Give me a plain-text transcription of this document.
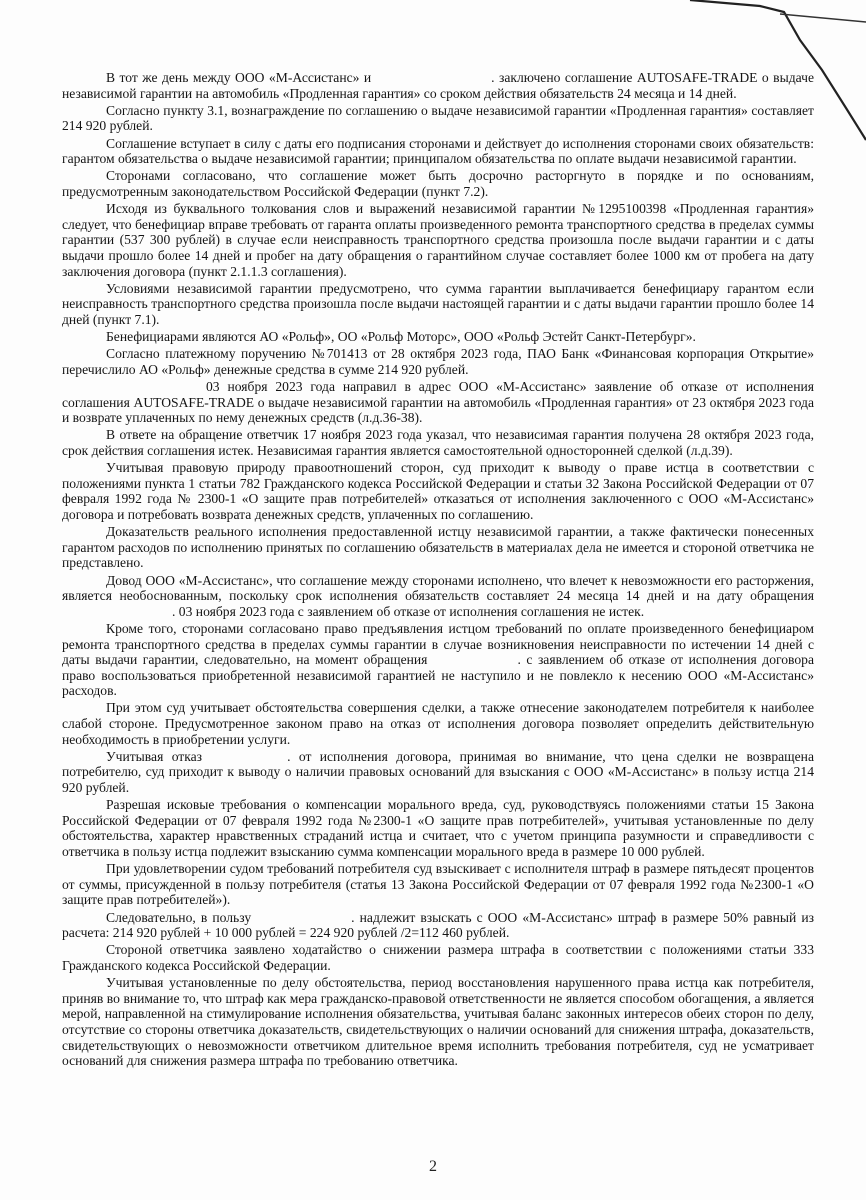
В тот же день между ООО «М-Ассистанс» и	. заключено соглашение AUTOSAFE-TRADE о выдаче независимой гарантии на автомобиль «Продленная гарантия» со сроком действия обязательств 24 месяца и 14 дней.

Согласно пункту 3.1, вознаграждение по соглашению о выдаче независимой гарантии «Продленная гарантия» составляет 214 920 рублей.

Соглашение вступает в силу с даты его подписания сторонами и действует до исполнения сторонами своих обязательств: гарантом обязательства о выдаче независимой гарантии; принципалом обязательства по оплате выдачи независимой гарантии.

Сторонами согласовано, что соглашение может быть досрочно расторгнуто в порядке и по основаниям, предусмотренным законодательством Российской Федерации (пункт 7.2).

Исходя из буквального толкования слов и выражений независимой гарантии №1295100398 «Продленная гарантия» следует, что бенефициар вправе требовать от гаранта оплаты произведенного ремонта транспортного средства в пределах суммы гарантии (537 300 рублей) в случае если неисправность транспортного средства произошла после выдачи гарантии и с даты выдачи прошло более 14 дней и пробег на дату обращения о гарантийном случае составляет более 1000 км от пробега на дату заключения договора (пункт 2.1.1.3 соглашения).

Условиями независимой гарантии предусмотрено, что сумма гарантии выплачивается бенефициару гарантом если неисправность транспортного средства произошла после выдачи настоящей гарантии и с даты выдачи гарантии прошло более 14 дней (пункт 7.1).

Бенефициарами являются АО «Рольф», ОО «Рольф Моторс», ООО «Рольф Эстейт Санкт-Петербург».

Согласно платежному поручению №701413 от 28 октября 2023 года, ПАО Банк «Финансовая корпорация Открытие» перечислило АО «Рольф» денежные средства в сумме 214 920 рублей.

03 ноября 2023 года направил в адрес ООО «М-Ассистанс» заявление об отказе от исполнения соглашения AUTOSAFE-TRADE о выдаче независимой гарантии на автомобиль «Продленная гарантия» от 23 октября 2023 года и возврате уплаченных по нему денежных средств (л.д.36-38).

В ответе на обращение ответчик 17 ноября 2023 года указал, что независимая гарантия получена 28 октября 2023 года, срок действия соглашения истек. Независимая гарантия является самостоятельной односторонней сделкой (л.д.39).

Учитывая правовую природу правоотношений сторон, суд приходит к выводу о праве истца в соответствии с положениями пункта 1 статьи 782 Гражданского кодекса Российской Федерации и статьи 32 Закона Российской Федерации от 07 февраля 1992 года № 2300-1 «О защите прав потребителей» отказаться от исполнения заключенного с ООО «М-Ассистанс» договора и потребовать возврата денежных средств, уплаченных по соглашению.

Доказательств реального исполнения предоставленной истцу независимой гарантии, а также фактически понесенных гарантом расходов по исполнению принятых по соглашению обязательств в материалах дела не имеется и стороной ответчика не представлено.

Довод ООО «М-Ассистанс», что соглашение между сторонами исполнено, что влечет к невозможности его расторжения, является необоснованным, поскольку срок исполнения обязательств составляет 24 месяца 14 дней и на дату обращения. 03 ноября 2023 года с заявлением об отказе от исполнения соглашения не истек.

Кроме того, сторонами согласовано право предъявления истцом требований по оплате произведенного бенефициаром ремонта транспортного средства в пределах суммы гарантии в случае возникновения неисправности по истечении 14 дней с даты выдачи гарантии, следовательно, на момент обращения	. с заявлением об отказе от исполнения договора право воспользоваться приобретенной независимой гарантией не наступило и не повлекло к несению ООО «М-Ассистанс» расходов.

При этом суд учитывает обстоятельства совершения сделки, а также отнесение законодателем потребителя к наиболее слабой стороне. Предусмотренное законом право на отказ от исполнения договора позволяет определить действительную необходимость в приобретении услуги.

Учитывая отказ	. от исполнения договора, принимая во внимание, что цена сделки не возвращена потребителю, суд приходит к выводу о наличии правовых оснований для взыскания с ООО «М-Ассистанс» в пользу истца 214 920 рублей.

Разрешая исковые требования о компенсации морального вреда, суд, руководствуясь положениями статьи 15 Закона Российской Федерации от 07 февраля 1992 года №2300-1 «О защите прав потребителей», учитывая установленные по делу обстоятельства, характер нравственных страданий истца и считает, что с учетом принципа разумности и справедливости с ответчика в пользу истца подлежит взысканию сумма компенсации морального вреда в размере 10 000 рублей.

При удовлетворении судом требований потребителя суд взыскивает с исполнителя штраф в размере пятьдесят процентов от суммы, присужденной в пользу потребителя (статья 13 Закона Российской Федерации от 07 февраля 1992 года №2300-1 «О защите прав потребителей»).

Следовательно, в пользу	. надлежит взыскать с ООО «М-Ассистанс» штраф в размере 50% равный из расчета: 214 920 рублей + 10 000 рублей = 224 920 рублей /2=112 460 рублей.

Стороной ответчика заявлено ходатайство о снижении размера штрафа в соответствии с положениями статьи 333 Гражданского кодекса Российской Федерации.

Учитывая установленные по делу обстоятельства, период восстановления нарушенного права истца как потребителя, приняв во внимание то, что штраф как мера гражданско-правовой ответственности не является способом обогащения, а является мерой, направленной на стимулирование исполнения обязательства, учитывая баланс законных интересов обеих сторон по делу, отсутствие со стороны ответчика доказательств, свидетельствующих о наличии оснований для снижения штрафа, доказательств, свидетельствующих о невозможности ответчиком длительное время исполнить требования потребителя, суд не усматривает оснований для снижения размера штрафа по требованию ответчика.

2
